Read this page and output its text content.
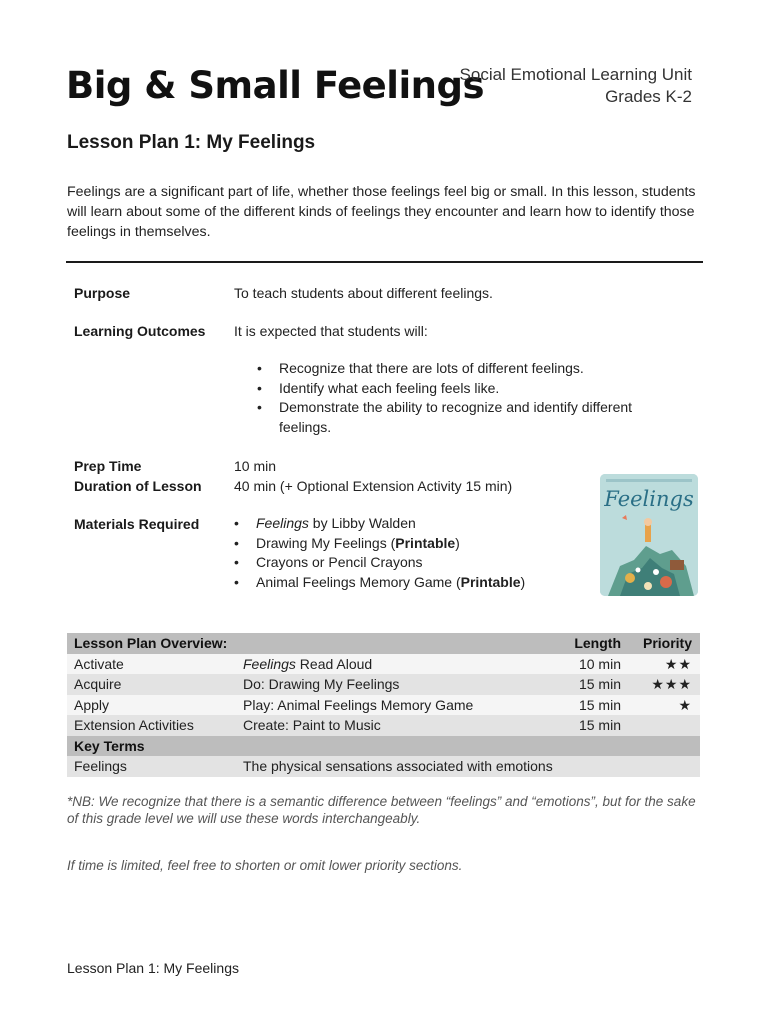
Big & Small Feelings
Social Emotional Learning Unit
Grades K-2
Lesson Plan 1: My Feelings
Feelings are a significant part of life, whether those feelings feel big or small. In this lesson, students will learn about some of the different kinds of feelings they encounter and learn how to identify those feelings in themselves.
Purpose	To teach students about different feelings.
Learning Outcomes It is expected that students will:
• Recognize that there are lots of different feelings.
• Identify what each feeling feels like.
• Demonstrate the ability to recognize and identify different feelings.
Prep Time	10 min
Duration of Lesson 40 min (+ Optional Extension Activity 15 min)
Materials Required	• Feelings by Libby Walden
• Drawing My Feelings (Printable)
• Crayons or Pencil Crayons
• Animal Feelings Memory Game (Printable)
Feelings
Lesson Plan Overview:		Length	Priority
Activate	Feelings Read Aloud	10 min	★★
Acquire	Do: Drawing My Feelings	15 min	★★★
Apply	Play: Animal Feelings Memory Game	15 min	★
Extension Activities	Create: Paint to Music	15 min	
Key Terms			
Feelings	The physical sensations associated with emotions		
*NB: We recognize that there is a semantic difference between “feelings” and “emotions”, but for the sake of this grade level we will use these words interchangeably.
If time is limited, feel free to shorten or omit lower priority sections.
Lesson Plan 1: My Feelings
